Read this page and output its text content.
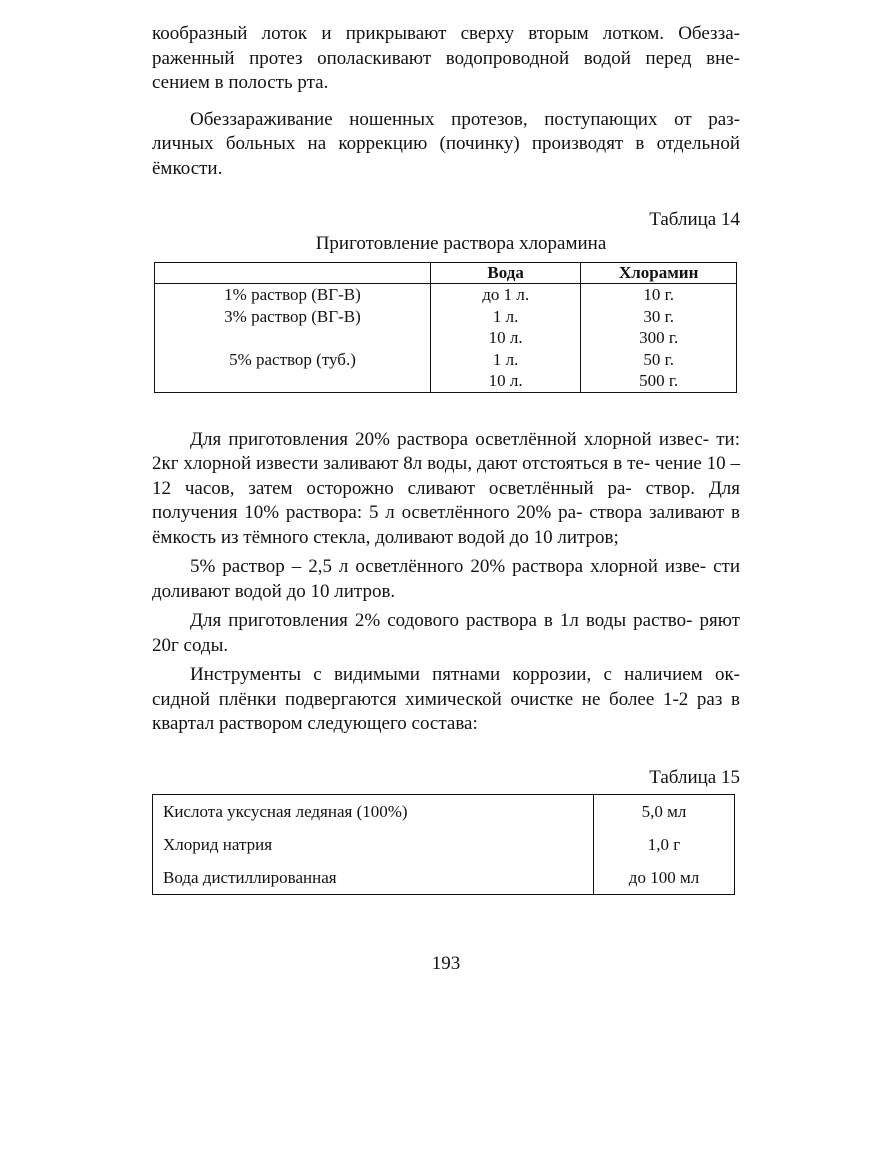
кообразный лоток и прикрывают сверху вторым лотком. Обезза- раженный протез ополаскивают водопроводной водой перед вне- сением в полость рта.

Обеззараживание ношенных протезов, поступающих от раз- личных больных на коррекцию (починку) производят в отдельной ёмкости.

Таблица 14

Приготовление раствора хлорамина

	Вода	Хлорамин
1% раствор (ВГ-В)	до 1 л.	10 г.
3% раствор (ВГ-В)	1 л.	30 г.
	10 л.	300 г.
5% раствор (туб.)	1 л.	50 г.
	10 л.	500 г.

Для приготовления 20% раствора осветлённой хлорной извес- ти: 2кг хлорной извести заливают 8л воды, дают отстояться в те- чение 10 – 12 часов, затем осторожно сливают осветлённый ра- створ. Для получения 10% раствора: 5 л осветлённого 20% ра- створа заливают в ёмкость из тёмного стекла, доливают водой до 10 литров;

5% раствор – 2,5 л осветлённого 20% раствора хлорной изве- сти доливают водой до 10 литров.

Для приготовления 2% содового раствора в 1л воды раство- ряют 20г соды.

Инструменты с видимыми пятнами коррозии, с наличием ок- сидной плёнки подвергаются химической очистке не более 1-2 раз в квартал раствором следующего состава:

Таблица 15

Кислота уксусная ледяная (100%)	5,0 мл
Хлорид натрия	1,0 г
Вода дистиллированная	до 100 мл
193
